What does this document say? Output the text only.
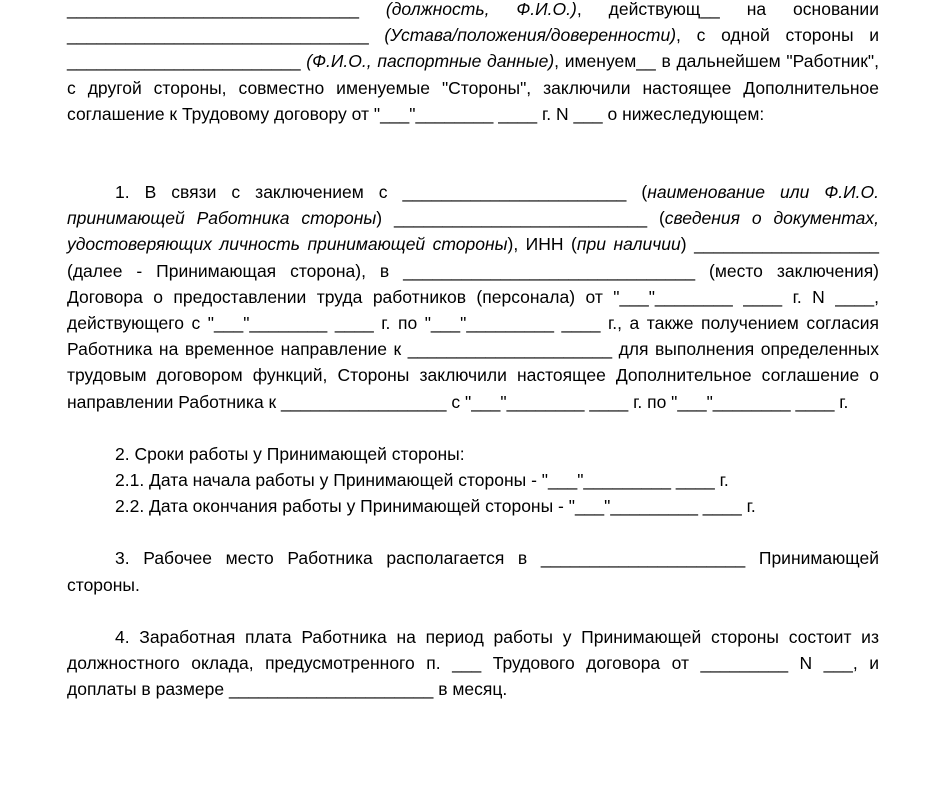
______________________________ (должность, Ф.И.О.), действующ__ на основании _______________________________ (Устава/положения/доверенности), с одной стороны и ________________________ (Ф.И.О., паспортные данные), именуем__ в дальнейшем "Работник", с другой стороны, совместно именуемые "Стороны", заключили настоящее Дополнительное соглашение к Трудовому договору от "___"________ ____ г. N ___ о нижеследующем:

1. В связи с заключением с _______________________ (наименование или Ф.И.О. принимающей Работника стороны) __________________________ (сведения о документах, удостоверяющих личность принимающей стороны), ИНН (при наличии) ___________________ (далее - Принимающая сторона), в ______________________________ (место заключения) Договора о предоставлении труда работников (персонала) от "___"________ ____ г. N ____, действующего с "___"________ ____ г. по "___"_________ ____ г., а также получением согласия Работника на временное направление к _____________________ для выполнения определенных трудовым договором функций, Стороны заключили настоящее Дополнительное соглашение о направлении Работника к _________________ с "___"________ ____ г. по "___"________ ____ г.

2. Сроки работы у Принимающей стороны:

2.1. Дата начала работы у Принимающей стороны - "___"_________ ____ г.

2.2. Дата окончания работы у Принимающей стороны - "___"_________ ____ г.

3. Рабочее место Работника располагается в _____________________ Принимающей стороны.

4. Заработная плата Работника на период работы у Принимающей стороны состоит из должностного оклада, предусмотренного п. ___ Трудового договора от _________ N ___, и доплаты в размере _____________________ в месяц.
